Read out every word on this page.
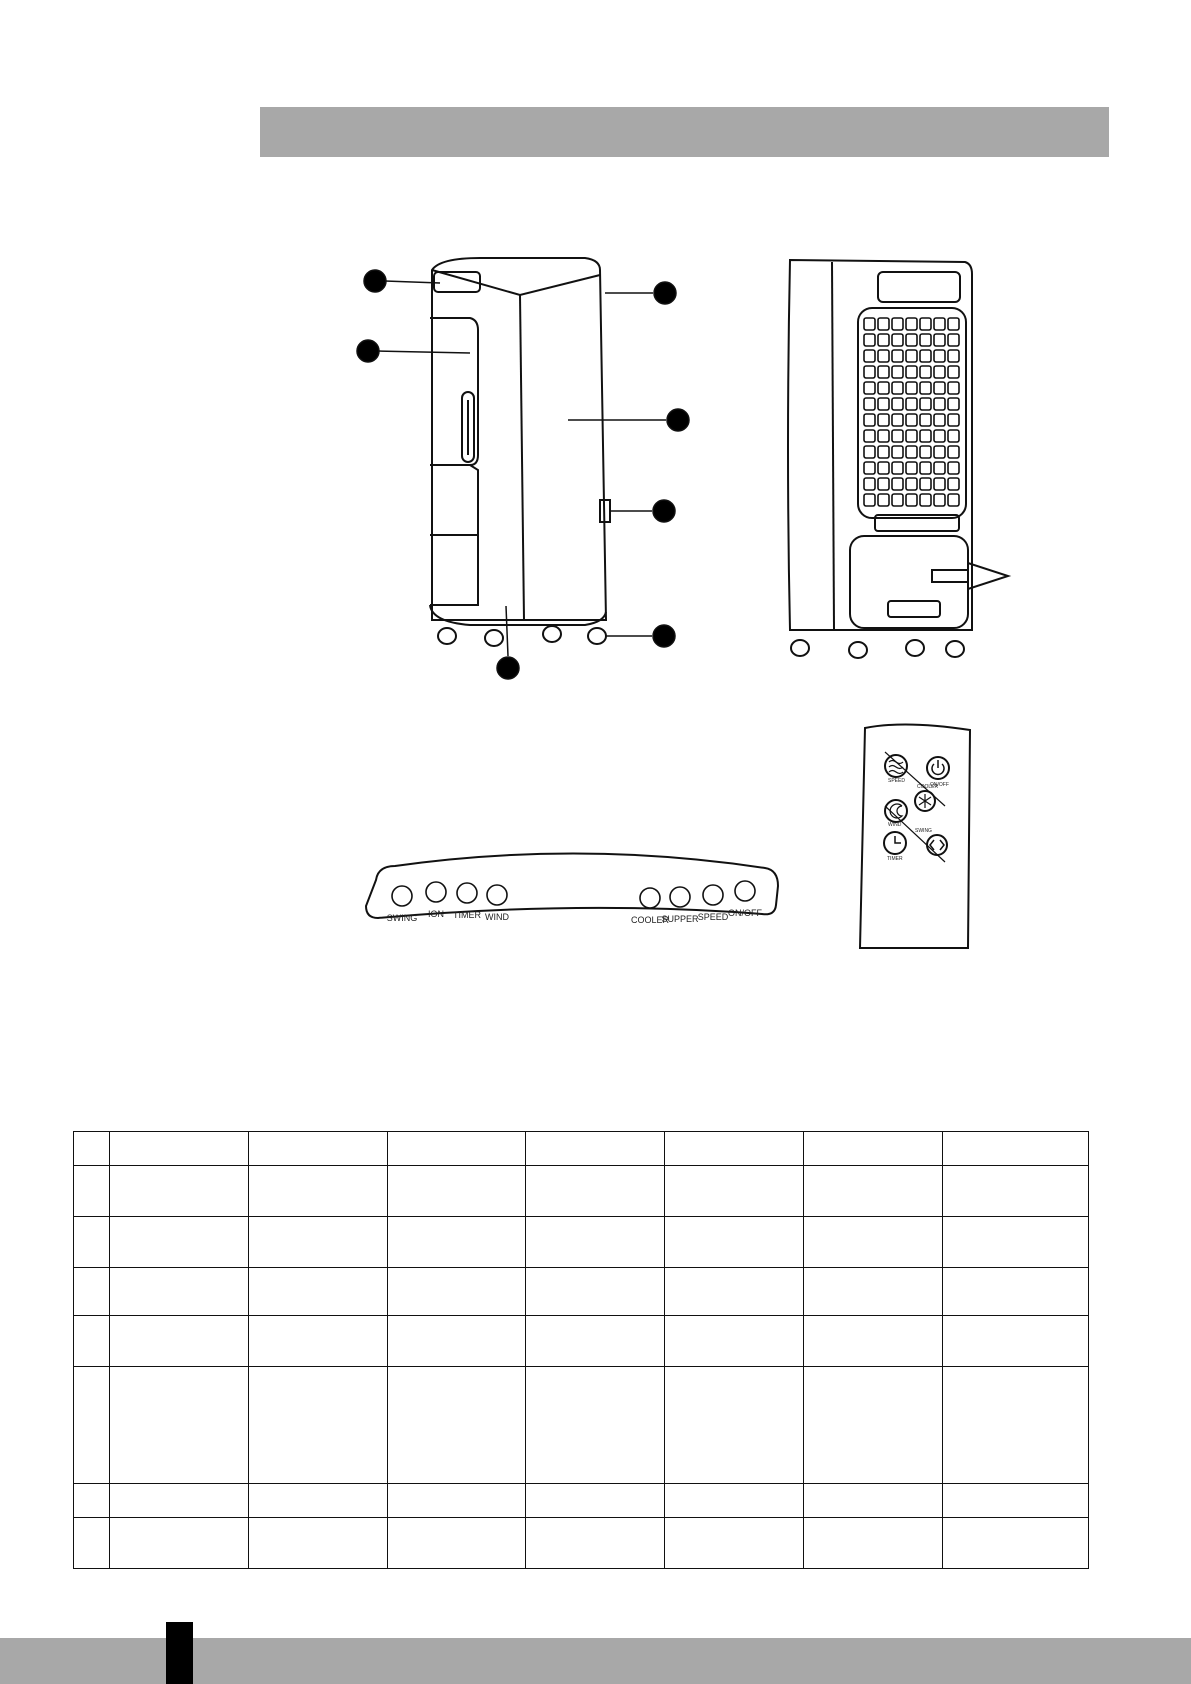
SWING ION TIMER WIND	COOLER
SUPPER SPEED ON/OFF
SPEED
ON/OFF
COOLER
WIND
SWING
TIMER
